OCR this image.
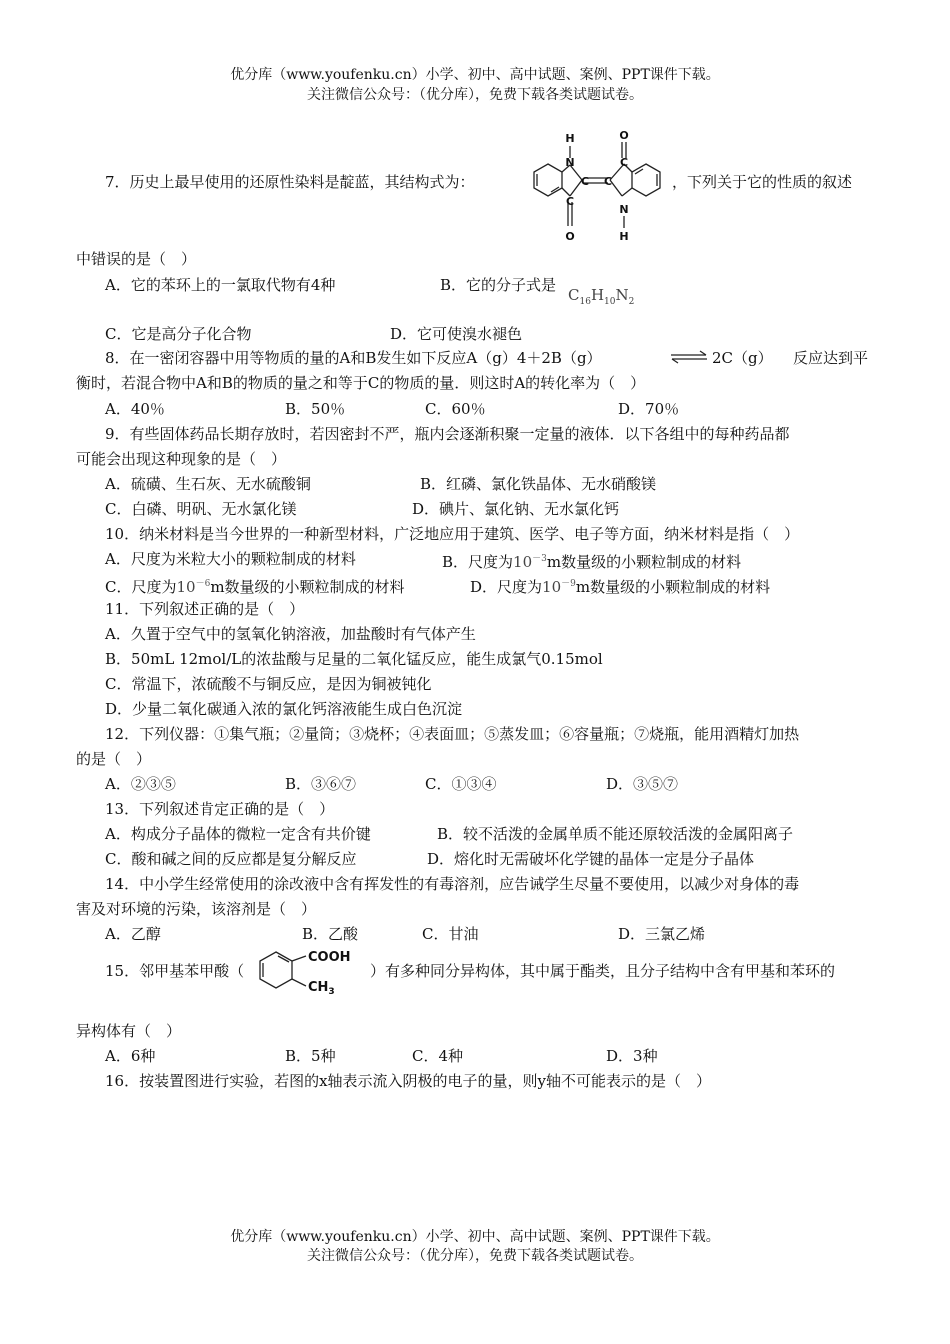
优分库（www.youfenku.cn）小学、初中、高中试题、案例、PPT课件下载。
关注微信公众号：（优分库），免费下载各类试题试卷。
7．历史上最早使用的还原性染料是靛蓝，其结构式为：	，下列关于它的性质的叙述
H
N
C C
C
C
N
H
O
O
中错误的是（　）
A．它的苯环上的一氯取代物有4种	B．它的分子式是
$C_{16}H_{10}N_2$
C．它是高分子化合物	D．它可使溴水褪色
8．在一密闭容器中用等物质的量的A和B发生如下反应A（g）4＋2B（g）	⇌ 2C（g） 反应达到平
衡时，若混合物中A和B的物质的量之和等于C的物质的量．则这时A的转化率为（　）
A．40％	B．50％	C．60％	D．70％
9．有些固体药品长期存放时，若因密封不严，瓶内会逐渐积聚一定量的液体．以下各组中的每种药品都
可能会出现这种现象的是（　）
A．硫磺、生石灰、无水硫酸铜	B．红磷、氯化铁晶体、无水硝酸镁
C．白磷、明矾、无水氯化镁	D．碘片、氯化钠、无水氯化钙
10．纳米材料是当今世界的一种新型材料，广泛地应用于建筑、医学、电子等方面，纳米材料是指（　）
A．尺度为米粒大小的颗粒制成的材料	B．尺度为$10^{-3}m$数量级的小颗粒制成的材料
C．尺度为$10^{-6}m$数量级的小颗粒制成的材料	D．尺度为$10^{-9}m$数量级的小颗粒制成的材料
11．下列叙述正确的是（　）
A．久置于空气中的氢氧化钠溶液，加盐酸时有气体产生
B．50mL 12mol/L的浓盐酸与足量的二氧化锰反应，能生成氯气0.15mol
C．常温下，浓硫酸不与铜反应，是因为铜被钝化
D．少量二氧化碳通入浓的氯化钙溶液能生成白色沉淀
12．下列仪器：①集气瓶；②量筒；③烧杯；④表面皿；⑤蒸发皿；⑥容量瓶；⑦烧瓶，能用酒精灯加热
的是（　）
A．②③⑤	B．③⑥⑦	C．①③④	D．③⑤⑦
13．下列叙述肯定正确的是（　）
A．构成分子晶体的微粒一定含有共价键	B．较不活泼的金属单质不能还原较活泼的金属阳离子
C．酸和碱之间的反应都是复分解反应	D．熔化时无需破坏化学键的晶体一定是分子晶体
14．中小学生经常使用的涂改液中含有挥发性的有毒溶剂，应告诫学生尽量不要使用，以减少对身体的毒
害及对环境的污染，该溶剂是（　）
A．乙醇	B．乙酸	C．甘油	D．三氯乙烯
15．邻甲基苯甲酸（	）有多种同分异构体，其中属于酯类，且分子结构中含有甲基和苯环的
COOH
$CH_3$
异构体有（　）
A．6种	B．5种	C．4种	D．3种
16．按装置图进行实验，若图的x轴表示流入阴极的电子的量，则y轴不可能表示的是（　）
优分库（www.youfenku.cn）小学、初中、高中试题、案例、PPT课件下载。
关注微信公众号：（优分库），免费下载各类试题试卷。
